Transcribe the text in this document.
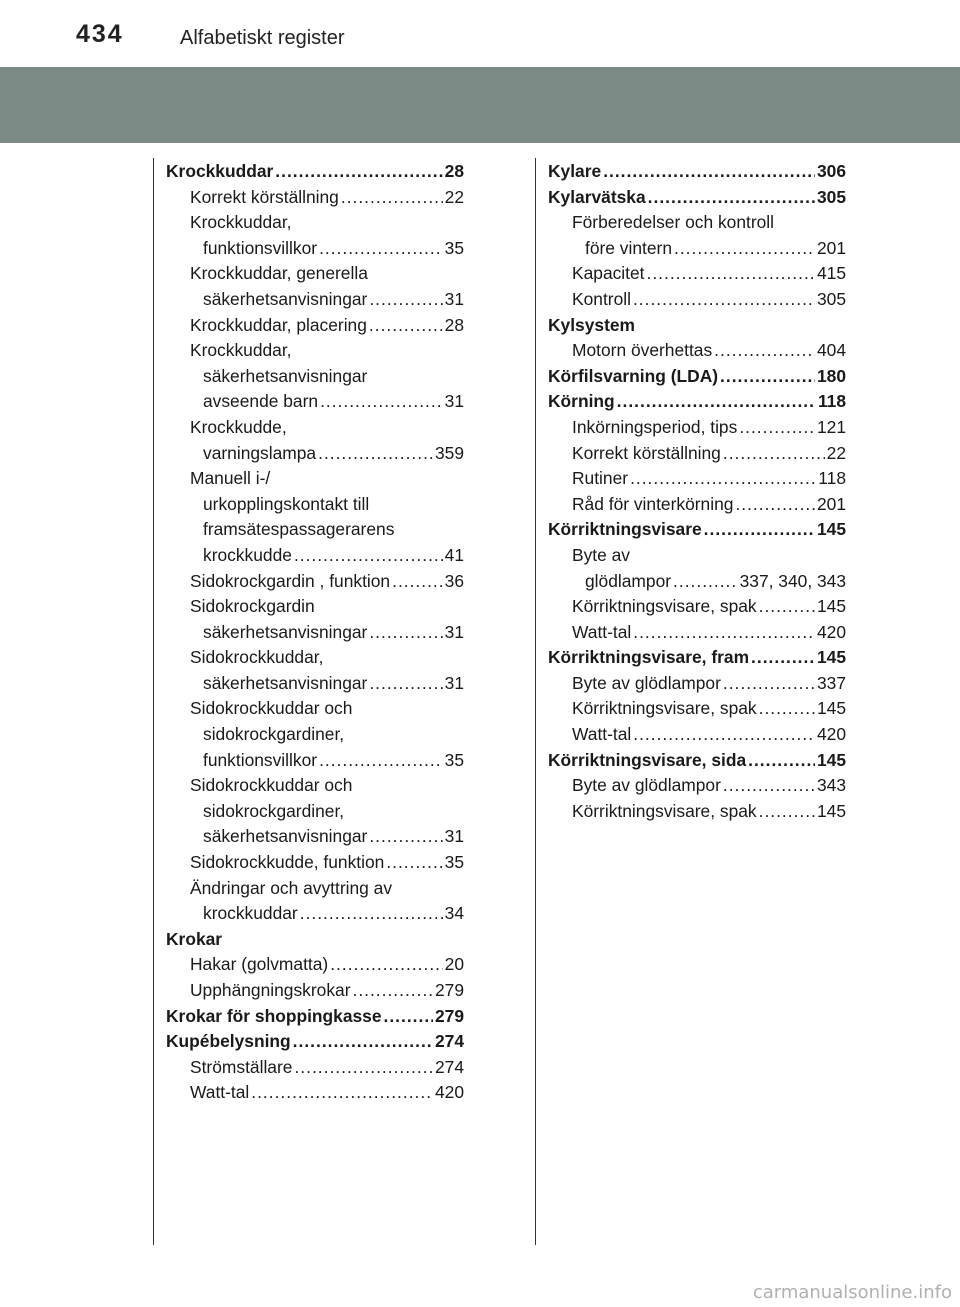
434	Alfabetiskt register
Krockkuddar .....	28
Korrekt körställning .....	22
Krockkuddar,
funktionsvillkor .....	35
Krockkuddar, generella
säkerhetsanvisningar .....	31
Krockkuddar, placering .....	28
Krockkuddar,
säkerhetsanvisningar
avseende barn .....	31
Krockkudde,
varningslampa .....	359
Manuell i-/
urkopplingskontakt till
framsätespassagerarens
krockkudde .....	41
Sidokrockgardin , funktion .....	36
Sidokrockgardin
säkerhetsanvisningar .....	31
Sidokrockkuddar,
säkerhetsanvisningar .....	31
Sidokrockkuddar och
sidokrockgardiner,
funktionsvillkor .....	35
Sidokrockkuddar och
sidokrockgardiner,
säkerhetsanvisningar .....	31
Sidokrockkudde, funktion .....	35
Ändringar och avyttring av
krockkuddar .....	34
Krokar
Hakar (golvmatta) .....	20
Upphängningskrokar .....	279
Krokar för shoppingkasse .....	279
Kupébelysning .....	274
Strömställare .....	274
Watt-tal .....	420
Kylare .....	306
Kylarvätska .....	305
Förberedelser och kontroll
före vintern .....	201
Kapacitet .....	415
Kontroll .....	305
Kylsystem
Motorn överhettas .....	404
Körfilsvarning (LDA) .....	180
Körning .....	118
Inkörningsperiod, tips .....	121
Korrekt körställning .....	22
Rutiner .....	118
Råd för vinterkörning .....	201
Körriktningsvisare .....	145
Byte av
glödlampor .....	337, 340, 343
Körriktningsvisare, spak .....	145
Watt-tal .....	420
Körriktningsvisare, fram .....	145
Byte av glödlampor .....	337
Körriktningsvisare, spak .....	145
Watt-tal .....	420
Körriktningsvisare, sida .....	145
Byte av glödlampor .....	343
Körriktningsvisare, spak .....	145
carmanualsonline.info
